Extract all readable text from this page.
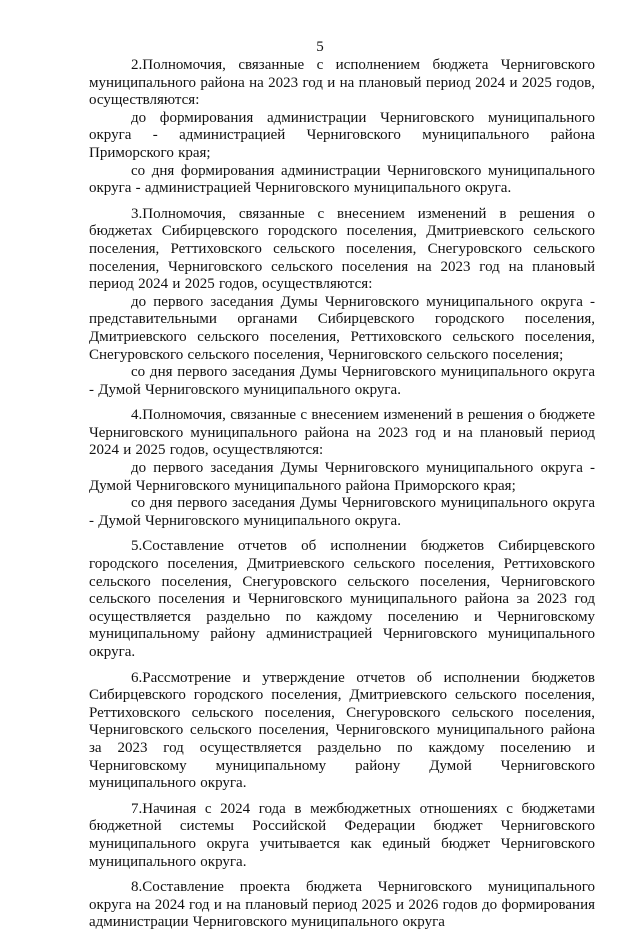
5

2.Полномочия, связанные с исполнением бюджета Черниговского муниципального района на 2023 год и на плановый период 2024 и 2025 годов, осуществляются:

до формирования администрации Черниговского муниципального округа - администрацией Черниговского муниципального района Приморского края;

со дня формирования администрации Черниговского муниципального округа - администрацией Черниговского муниципального округа.

3.Полномочия, связанные с внесением изменений в решения о бюджетах Сибирцевского городского поселения, Дмитриевского сельского поселения, Реттиховского сельского поселения, Снегуровского сельского поселения, Черниговского сельского поселения на 2023 год на плановый период 2024 и 2025 годов, осуществляются:

до первого заседания Думы Черниговского муниципального округа - представительными органами Сибирцевского городского поселения, Дмитриевского сельского поселения, Реттиховского сельского поселения, Снегуровского сельского поселения, Черниговского сельского поселения;

со дня первого заседания Думы Черниговского муниципального округа - Думой Черниговского муниципального округа.

4.Полномочия, связанные с внесением изменений в решения о бюджете Черниговского муниципального района на 2023 год и на плановый период 2024 и 2025 годов, осуществляются:

до первого заседания Думы Черниговского муниципального округа - Думой Черниговского муниципального района Приморского края;

со дня первого заседания Думы Черниговского муниципального округа - Думой Черниговского муниципального округа.

5.Составление отчетов об исполнении бюджетов Сибирцевского городского поселения, Дмитриевского сельского поселения, Реттиховского сельского поселения, Снегуровского сельского поселения, Черниговского сельского поселения и Черниговского муниципального района за 2023 год осуществляется раздельно по каждому поселению и Черниговскому муниципальному району администрацией Черниговского муниципального округа.

6.Рассмотрение и утверждение отчетов об исполнении бюджетов Сибирцевского городского поселения, Дмитриевского сельского поселения, Реттиховского сельского поселения, Снегуровского сельского поселения, Черниговского сельского поселения, Черниговского муниципального района за 2023 год осуществляется раздельно по каждому поселению и Черниговскому муниципальному району Думой Черниговского муниципального округа.

7.Начиная с 2024 года в межбюджетных отношениях с бюджетами бюджетной системы Российской Федерации бюджет Черниговского муниципального округа учитывается как единый бюджет Черниговского муниципального округа.

8.Составление проекта бюджета Черниговского муниципального округа на 2024 год и на плановый период 2025 и 2026 годов до формирования администрации Черниговского муниципального округа
